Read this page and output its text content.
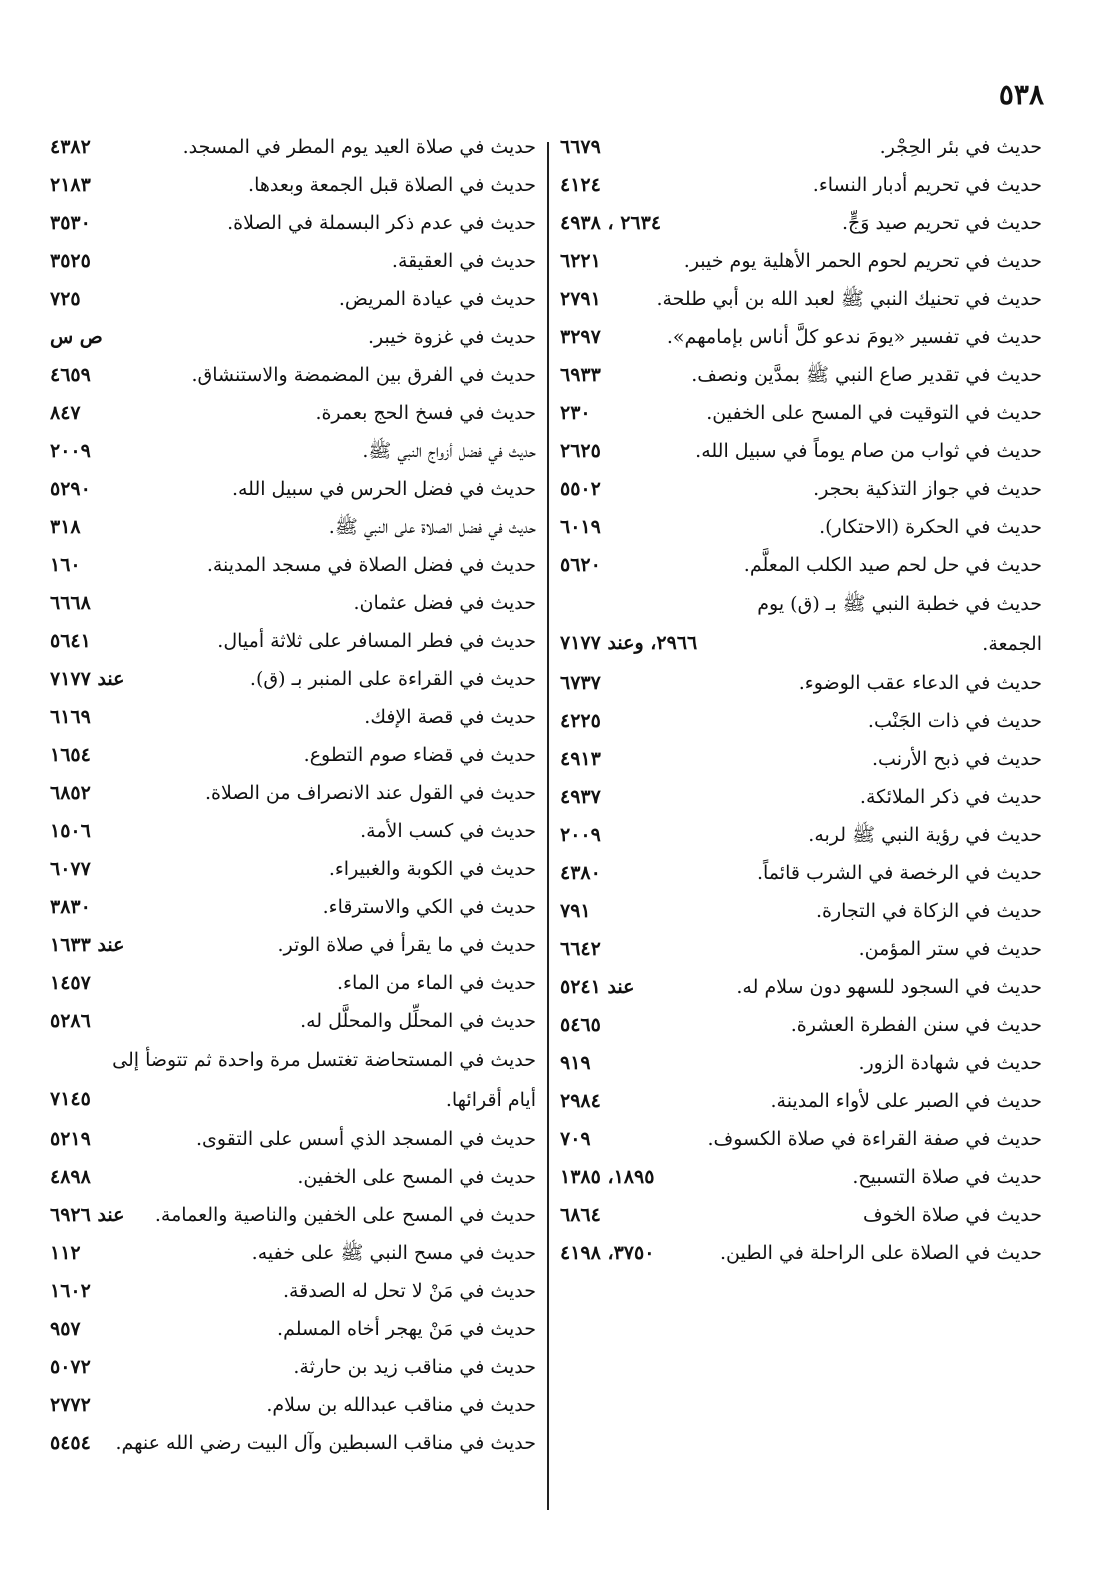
٥٣٨
حديث في بئر الحِجْر.
٦٦٧٩
حديث في تحريم أدبار النساء.
٤١٢٤
حديث في تحريم صيد وَجٍّ.
٢٦٣٤ ، ٤٩٣٨
حديث في تحريم لحوم الحمر الأهلية يوم خيبر.
٦٢٢١
حديث في تحنيك النبي ﷺ لعبد الله بن أبي طلحة.
٢٧٩١
حديث في تفسير «يومَ ندعو كلَّ أناس بإمامهم».
٣٢٩٧
حديث في تقدير صاع النبي ﷺ بمدَّين ونصف.
٦٩٣٣
حديث في التوقيت في المسح على الخفين.
٢٣٠
حديث في ثواب من صام يوماً في سبيل الله.
٢٦٢٥
حديث في جواز التذكية بحجر.
٥٥٠٢
حديث في الحكرة (الاحتكار).
٦٠١٩
حديث في حل لحم صيد الكلب المعلَّم.
٥٦٢٠
حديث في خطبة النبي ﷺ بـ (ق) يوم الجمعة.
٢٩٦٦، وعند ٧١٧٧
حديث في الدعاء عقب الوضوء.
٦٧٣٧
حديث في ذات الجَنْب.
٤٢٢٥
حديث في ذبح الأرنب.
٤٩١٣
حديث في ذكر الملائكة.
٤٩٣٧
حديث في رؤية النبي ﷺ لربه.
٢٠٠٩
حديث في الرخصة في الشرب قائماً.
٤٣٨٠
حديث في الزكاة في التجارة.
٧٩١
حديث في ستر المؤمن.
٦٦٤٢
حديث في السجود للسهو دون سلام له.
عند ٥٢٤١
حديث في سنن الفطرة العشرة.
٥٤٦٥
حديث في شهادة الزور.
٩١٩
حديث في الصبر على لأواء المدينة.
٢٩٨٤
حديث في صفة القراءة في صلاة الكسوف.
٧٠٩
حديث في صلاة التسبيح.
١٨٩٥، ١٣٨٥
حديث في صلاة الخوف
٦٨٦٤
حديث في الصلاة على الراحلة في الطين.
٣٧٥٠، ٤١٩٨
حديث في صلاة العيد يوم المطر في المسجد.
٤٣٨٢
حديث في الصلاة قبل الجمعة وبعدها.
٢١٨٣
حديث في عدم ذكر البسملة في الصلاة.
٣٥٣٠
حديث في العقيقة.
٣٥٢٥
حديث في عيادة المريض.
٧٢٥
حديث في غزوة خيبر.
ص س
حديث في الفرق بين المضمضة والاستنشاق.
٤٦٥٩
حديث في فسخ الحج بعمرة.
٨٤٧
حديث في فضل أزواج النبي ﷺ.
٢٠٠٩
حديث في فضل الحرس في سبيل الله.
٥٢٩٠
حديث في فضل الصلاة على النبي ﷺ.
٣١٨
حديث في فضل الصلاة في مسجد المدينة.
١٦٠
حديث في فضل عثمان.
٦٦٦٨
حديث في فطر المسافر على ثلاثة أميال.
٥٦٤١
حديث في القراءة على المنبر بـ (ق).
عند ٧١٧٧
حديث في قصة الإفك.
٦١٦٩
حديث في قضاء صوم التطوع.
١٦٥٤
حديث في القول عند الانصراف من الصلاة.
٦٨٥٢
حديث في كسب الأمة.
١٥٠٦
حديث في الكوبة والغبيراء.
٦٠٧٧
حديث في الكي والاسترقاء.
٣٨٣٠
حديث في ما يقرأ في صلاة الوتر.
عند ١٦٣٣
حديث في الماء من الماء.
١٤٥٧
حديث في المحلِّل والمحلَّل له.
٥٢٨٦
حديث في المستحاضة تغتسل مرة واحدة ثم تتوضأ إلى أيام أقرائها.
٧١٤٥
حديث في المسجد الذي أسس على التقوى.
٥٢١٩
حديث في المسح على الخفين.
٤٨٩٨
حديث في المسح على الخفين والناصية والعمامة.
عند ٦٩٢٦
حديث في مسح النبي ﷺ على خفيه.
١١٢
حديث في مَنْ لا تحل له الصدقة.
١٦٠٢
حديث في مَنْ يهجر أخاه المسلم.
٩٥٧
حديث في مناقب زيد بن حارثة.
٥٠٧٢
حديث في مناقب عبدالله بن سلام.
٢٧٧٢
حديث في مناقب السبطين وآل البيت رضي الله عنهم.
٥٤٥٤
